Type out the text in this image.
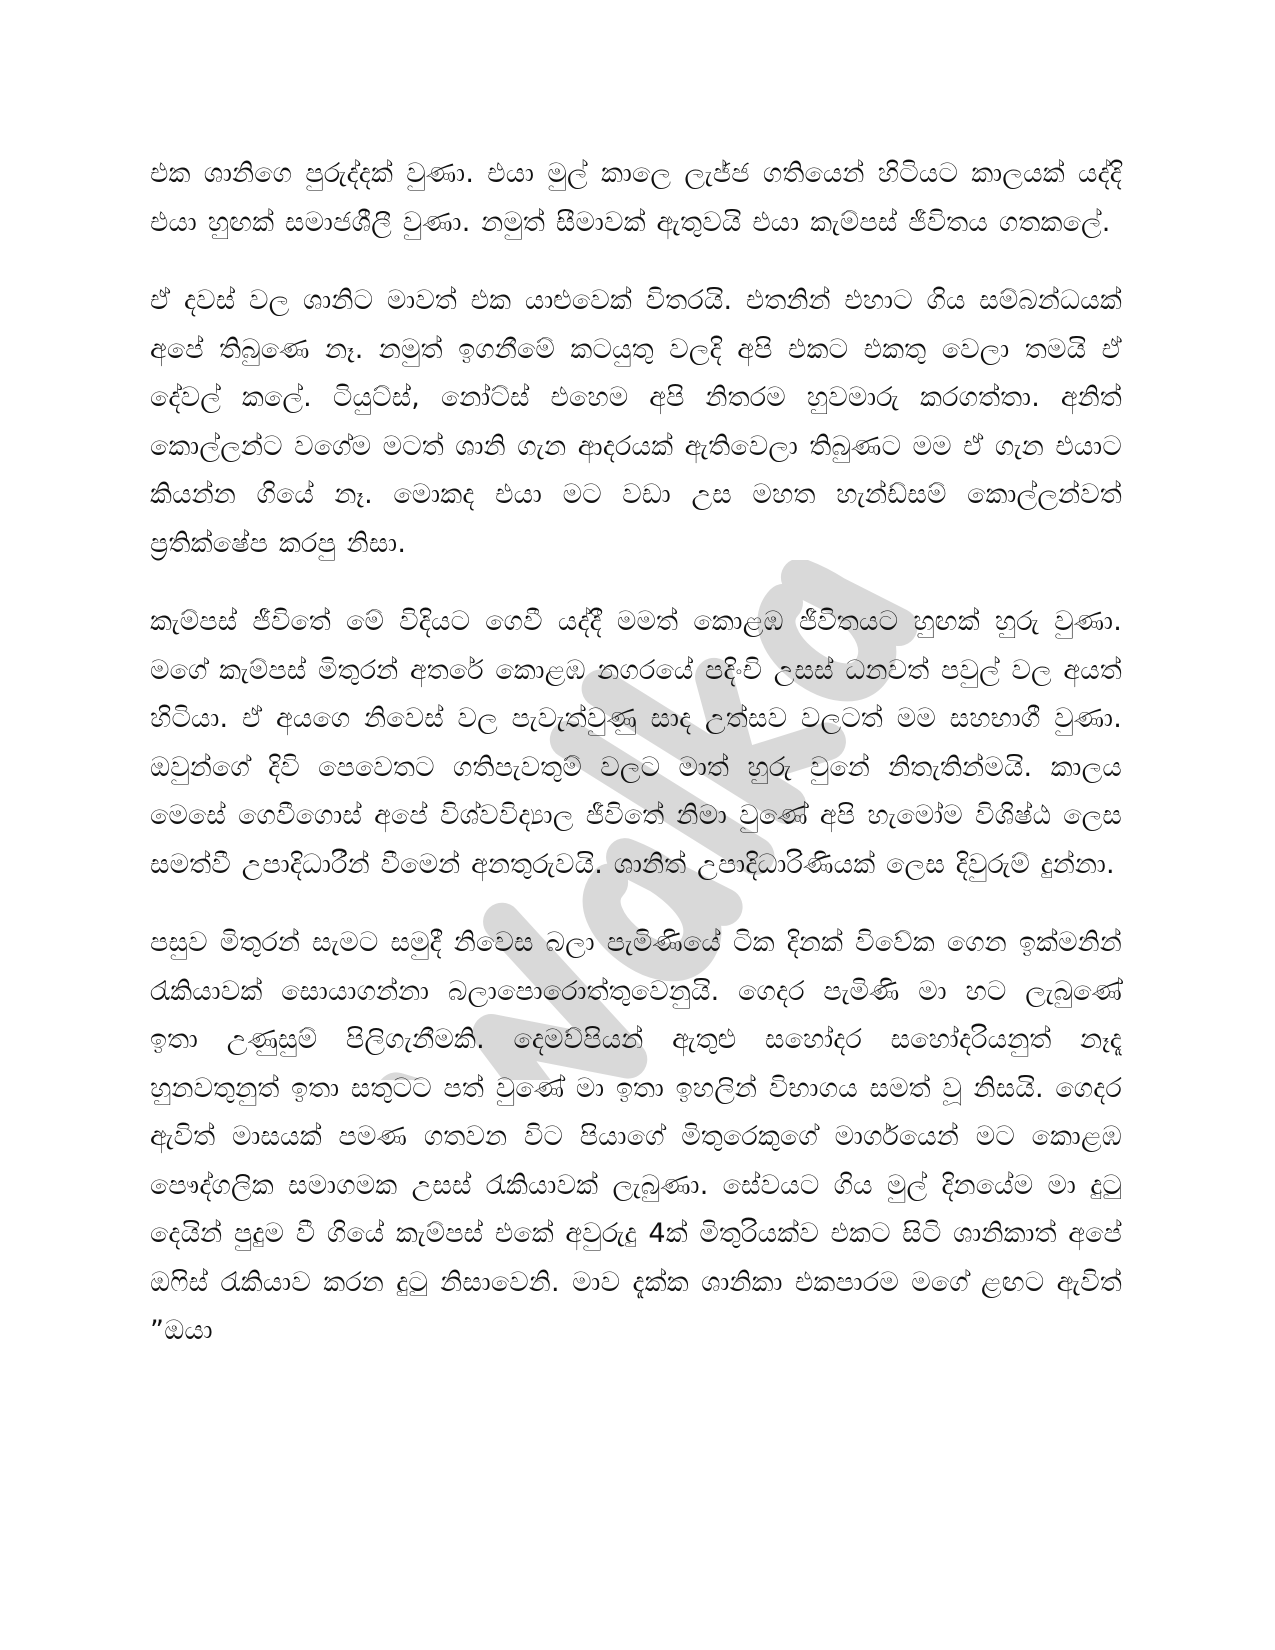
එක ශානිගෙ පුරුද්දක් වුණා. එයා මුල් කාලෙ ලැජ්ජ ගතියෙන් හිටියට කාලයක් යද්දි එයා හුඟක් සමාජශීලී වුණා. නමුත් සීමාවක් ඇතුවයි එයා කැම්පස් ජීවිතය ගතකලේ.

ඒ දවස් වල ශානිට මාවත් එක යාළුවෙක් විතරයි. එතනින් එහාට ගිය සම්බන්ධයක් අපේ තිබුණෙ නෑ. නමුත් ඉගනීමේ කටයුතු වලදි අපි එකට එකතු වෙලා තමයි ඒ දේවල් කලේ. ටියුට්ස්, නෝට්ස් එහෙම අපි නිතරම හුවමාරු කරගත්තා. අනිත් කොල්ලන්ට වගේම මටත් ශානි ගැන ආදරයක් ඇතිවෙලා තිබුණට මම ඒ ගැන එයාට කියන්න ගියේ නෑ. මොකද එයා මට වඩා උස මහත හැන්ඩ්සම් කොල්ලන්වත් ප්‍රතික්ෂේප කරපු නිසා.

කැම්පස් ජීවිතේ මේ විදියට ගෙවී යද්දී මමත් කොළඹ ජීවිතයට හුඟක් හුරු වුණා. මගේ කැම්පස් මිතුරන් අතරේ කොළඹ නගරයේ පදිංචි උසස් ධනවත් පවුල් වල අයත් හිටියා. ඒ අයගෙ නිවෙස් වල පැවැත්වුණු සාද උත්සව වලටත් මම සහභාගී වුණා. ඔවුන්ගේ දිවි පෙවෙතට ගතිපැවතුම් වලට මාත් හුරු වුනේ නිතැතින්මයි. කාලය මෙසේ ගෙවීගොස් අපේ විශ්වවිද්‍යාල ජීවිතේ නිමා වුණේ අපි හැමෝම විශිෂ්ඨ ලෙස සමත්වී උපාදිධාරීන් වීමෙන් අනතුරුවයි. ශානිත් උපාදිධාරිණියක් ලෙස දිවුරුම් දුන්නා.

පසුව මිතුරන් සැමට සමුදී නිවෙස බලා පැමිණියේ ටික දිනක් විවේක ගෙන ඉක්මනින් ‍රැකියාවක් සොයාගන්නා බලාපොරොත්තුවෙනුයි. ගෙදර පැමිණි මා හට ලැබුණේ ඉතා උණුසුම් පිලිගැනීමකි. දෙමව්පියන් ඇතුළු සහෝදර සහෝදරියනුත් නෑදෑ හුනවතුනුත් ඉතා සතුටට පත් වුණේ මා ඉතා ඉහලින් විභාගය සමත් වූ නිසයි. ගෙදර ඇවිත් මාසයක් පමණ ගතවන විට පියාගේ මිතුරෙකුගේ මාර්ගයෙන් මට කොළඹ පෞද්ගලික සමාගමක උසස් ‍රැකියාවක් ලැබුණා. සේවයට ගිය මුල් දිනයේම මා දුටු දෙයින් පුදුම වී ගියේ කැම්පස් එකේ අවුරුදු 4ක් මිතුරියක්ව එකට සිටි ශානිකාත් අපේ ඔෆිස් ‍රැකියාව කරන දුටු නිසාවෙනි. මාව දැක්ක ශානිකා එකපාරම මගේ ළඟට ඇවිත් ”ඔයා
